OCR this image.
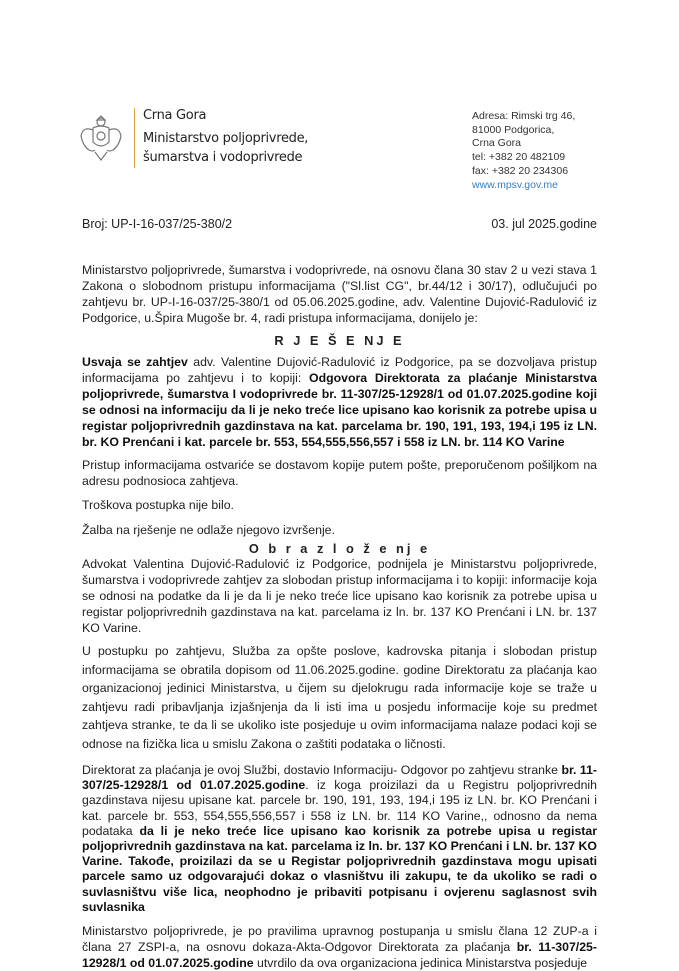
Crna Gora
Ministarstvo poljoprivrede,
šumarstva i vodoprivrede
Adresa: Rimski trg 46,
81000 Podgorica,
Crna Gora
tel: +382 20 482109
fax: +382 20 234306
www.mpsv.gov.me
Broj: UP-I-16-037/25-380/2	03. jul 2025.godine

Ministarstvo poljoprivrede, šumarstva i vodoprivrede, na osnovu člana 30 stav 2 u vezi stava 1 Zakona o slobodnom pristupu informacijama ("Sl.list CG", br.44/12 i 30/17), odlučujući po zahtjevu br. UP-I-16-037/25-380/1 od 05.06.2025.godine, adv. Valentine Dujović-Radulović iz Podgorice, u.Špira Mugoše br. 4, radi pristupa informacijama, donijelo je:

R J E Š E NJ E

Usvaja se zahtjev adv. Valentine Dujović-Radulović iz Podgorice, pa se dozvoljava pristup informacijama po zahtjevu i to kopiji: Odgovora Direktorata za plaćanje Ministarstva poljoprivrede, šumarstva I vodoprivrede br. 11-307/25-12928/1 od 01.07.2025.godine koji se odnosi na informaciju da li je neko treće lice upisano kao korisnik za potrebe upisa u registar poljoprivrednih gazdinstava na kat. parcelama br. 190, 191, 193, 194,i 195 iz LN. br. KO Prenćani i kat. parcele br. 553, 554,555,556,557 i 558 iz LN. br. 114 KO Varine

Pristup informacijama ostvariće se dostavom kopije putem pošte, preporučenom pošiljkom na adresu podnosioca zahtjeva.

Troškova postupka nije bilo.

Žalba na rješenje ne odlaže njegovo izvršenje.

O b r a z l o ž e nj e

Advokat Valentina Dujović-Radulović iz Podgorice, podnijela je Ministarstvu poljoprivrede, šumarstva i vodoprivrede zahtjev za slobodan pristup informacijama i to kopiji: informacije koja se odnosi na podatke da li je da li je neko treće lice upisano kao korisnik za potrebe upisa u registar poljoprivrednih gazdinstava na kat. parcelama iz ln. br. 137 KO Prenćani i LN. br. 137 KO Varine.

U postupku po zahtjevu, Služba za opšte poslove, kadrovska pitanja i slobodan pristup informacijama se obratila dopisom od 11.06.2025.godine. godine Direktoratu za plaćanja kao organizacionoj jedinici Ministarstva, u čijem su djelokrugu rada informacije koje se traže u zahtjevu radi pribavljanja izjašnjenja da li isti ima u posjedu informacije koje su predmet zahtjeva stranke, te da li se ukoliko iste posjeduje u ovim informacijama nalaze podaci koji se odnose na fizička lica u smislu Zakona o zaštiti podataka o ličnosti.

Direktorat za plaćanja je ovoj Službi, dostavio Informaciju- Odgovor po zahtjevu stranke br. 11-307/25-12928/1 od 01.07.2025.godine. iz koga proizilazi da u Registru poljoprivrednih gazdinstava nijesu upisane kat. parcele br. 190, 191, 193, 194,i 195 iz LN. br. KO Prenćani i kat. parcele br. 553, 554,555,556,557 i 558 iz LN. br. 114 KO Varine,, odnosno da nema podataka da li je neko treće lice upisano kao korisnik za potrebe upisa u registar poljoprivrednih gazdinstava na kat. parcelama iz ln. br. 137 KO Prenćani i LN. br. 137 KO Varine. Takođe, proizilazi da se u Registar poljoprivrednih gazdinstava mogu upisati parcele samo uz odgovarajući dokaz o vlasništvu ili zakupu, te da ukoliko se radi o suvlasništvu više lica, neophodno je pribaviti potpisanu i ovjerenu saglasnost svih suvlasnika

Ministarstvo poljoprivrede, je po pravilima upravnog postupanja u smislu člana 12 ZUP-a i člana 27 ZSPI-a, na osnovu dokaza-Akta-Odgovor Direktorata za plaćanja br. 11-307/25-12928/1 od 01.07.2025.godine utvrdilo da ova organizaciona jedinica Ministarstva posjeduje
